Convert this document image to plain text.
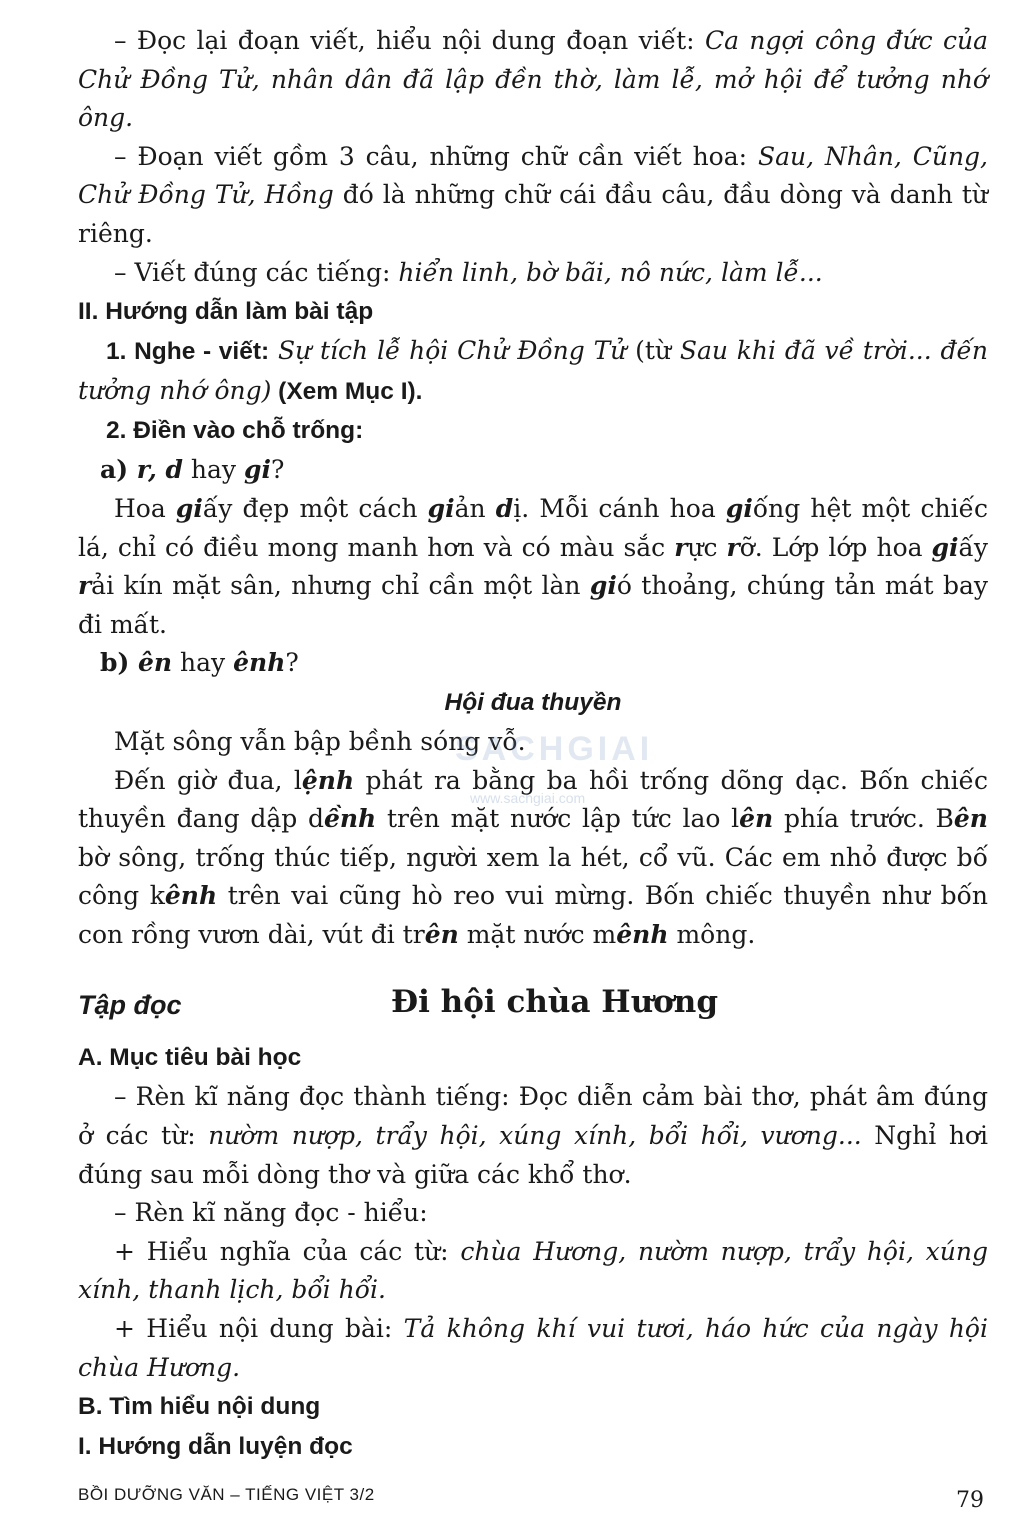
– Đọc lại đoạn viết, hiểu nội dung đoạn viết: Ca ngợi công đức của Chử Đồng Tử, nhân dân đã lập đền thờ, làm lễ, mở hội để tưởng nhớ ông.

– Đoạn viết gồm 3 câu, những chữ cần viết hoa: Sau, Nhân, Cũng, Chử Đồng Tử, Hồng đó là những chữ cái đầu câu, đầu dòng và danh từ riêng.

– Viết đúng các tiếng: hiển linh, bờ bãi, nô nức, làm lễ...

II. Hướng dẫn làm bài tập

1. Nghe - viết: Sự tích lễ hội Chử Đồng Tử (từ Sau khi đã về trời... đến tưởng nhớ ông) (Xem Mục I).

2. Điền vào chỗ trống:

a) r, d hay gi?

Hoa giấy đẹp một cách giản dị. Mỗi cánh hoa giống hệt một chiếc lá, chỉ có điều mong manh hơn và có màu sắc rực rỡ. Lớp lớp hoa giấy rải kín mặt sân, nhưng chỉ cần một làn gió thoảng, chúng tản mát bay đi mất.

b) ên hay ênh?

Hội đua thuyền

Mặt sông vẫn bập bềnh sóng vỗ.

Đến giờ đua, lệnh phát ra bằng ba hồi trống dõng dạc. Bốn chiếc thuyền đang dập dềnh trên mặt nước lập tức lao lên phía trước. Bên bờ sông, trống thúc tiếp, người xem la hét, cổ vũ. Các em nhỏ được bố công kênh trên vai cũng hò reo vui mừng. Bốn chiếc thuyền như bốn con rồng vươn dài, vút đi trên mặt nước mênh mông.

Tập đọc	Đi hội chùa Hương

A. Mục tiêu bài học

– Rèn kĩ năng đọc thành tiếng: Đọc diễn cảm bài thơ, phát âm đúng ở các từ: nườm nượp, trẩy hội, xúng xính, bổi hổi, vương... Nghỉ hơi đúng sau mỗi dòng thơ và giữa các khổ thơ.

– Rèn kĩ năng đọc - hiểu:

+ Hiểu nghĩa của các từ: chùa Hương, nườm nượp, trẩy hội, xúng xính, thanh lịch, bổi hổi.

+ Hiểu nội dung bài: Tả không khí vui tươi, háo hức của ngày hội chùa Hương.

B. Tìm hiểu nội dung

I. Hướng dẫn luyện đọc

SACHGIAI
www.sachgiai.com
BỒI DƯỠNG VĂN – TIẾNG VIỆT 3/2	79
